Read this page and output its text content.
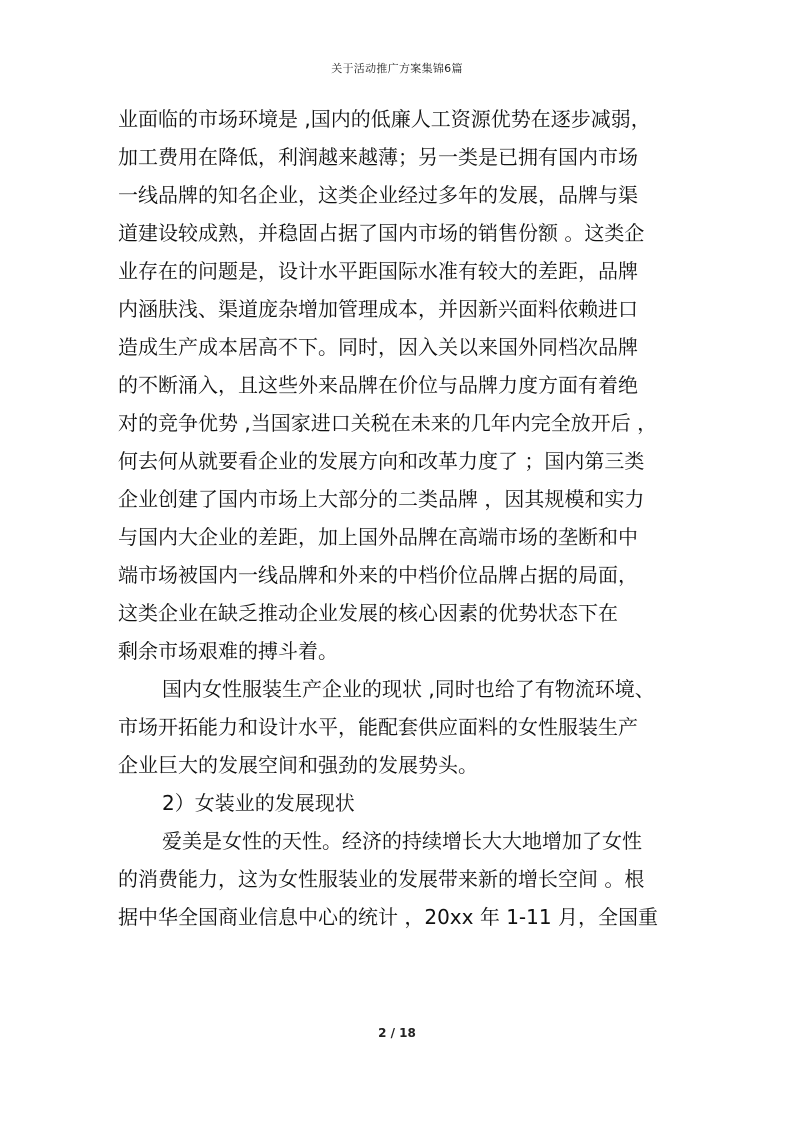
关于活动推广方案集锦6篇
业面临的市场环境是 ,国内的低廉人工资源优势在逐步减弱，
加工费用在降低，利润越来越薄；另一类是已拥有国内市场
一线品牌的知名企业，这类企业经过多年的发展，品牌与渠
道建设较成熟，并稳固占据了国内市场的销售份额 。这类企
业存在的问题是，设计水平距国际水准有较大的差距，品牌
内涵肤浅、渠道庞杂增加管理成本，并因新兴面料依赖进口
造成生产成本居高不下。同时，因入关以来国外同档次品牌
的不断涌入，且这些外来品牌在价位与品牌力度方面有着绝
对的竞争优势 ,当国家进口关税在未来的几年内完全放开后 ，
何去何从就要看企业的发展方向和改革力度了 ；国内第三类
企业创建了国内市场上大部分的二类品牌 ，因其规模和实力
与国内大企业的差距，加上国外品牌在高端市场的垄断和中
端市场被国内一线品牌和外来的中档价位品牌占据的局面，
这类企业在缺乏推动企业发展的核心因素的优势状态下在
剩余市场艰难的搏斗着。
国内女性服装生产企业的现状 ,同时也给了有物流环境、
市场开拓能力和设计水平，能配套供应面料的女性服装生产
企业巨大的发展空间和强劲的发展势头。
2）女装业的发展现状
爱美是女性的天性。经济的持续增长大大地增加了女性
的消费能力，这为女性服装业的发展带来新的增长空间 。根
据中华全国商业信息中心的统计 ，20xx 年 1-11 月，全国重
2 / 18
